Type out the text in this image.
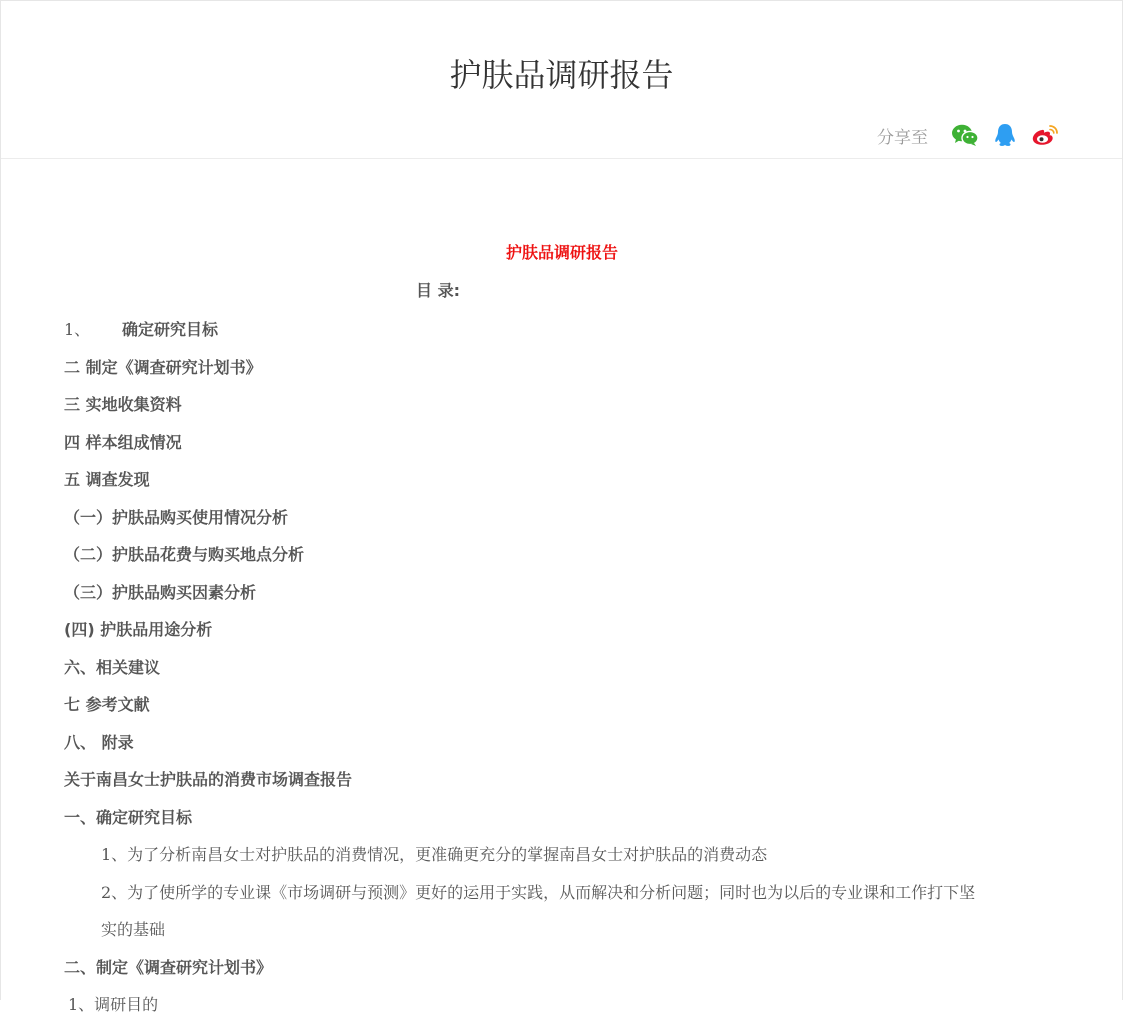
护肤品调研报告
分享至
护肤品调研报告
目 录:
1、 确定研究目标
二 制定《调查研究计划书》
三 实地收集资料
四 样本组成情况
五 调查发现
（一）护肤品购买使用情况分析
（二）护肤品花费与购买地点分析
（三）护肤品购买因素分析
(四) 护肤品用途分析
六、相关建议
七 参考文献
八、 附录
关于南昌女士护肤品的消费市场调查报告
一、确定研究目标
1、为了分析南昌女士对护肤品的消费情况，更准确更充分的掌握南昌女士对护肤品的消费动态
2、为了使所学的专业课《市场调研与预测》更好的运用于实践，从而解决和分析问题；同时也为以后的专业课和工作打下坚
实的基础
二、制定《调查研究计划书》
1、调研目的
